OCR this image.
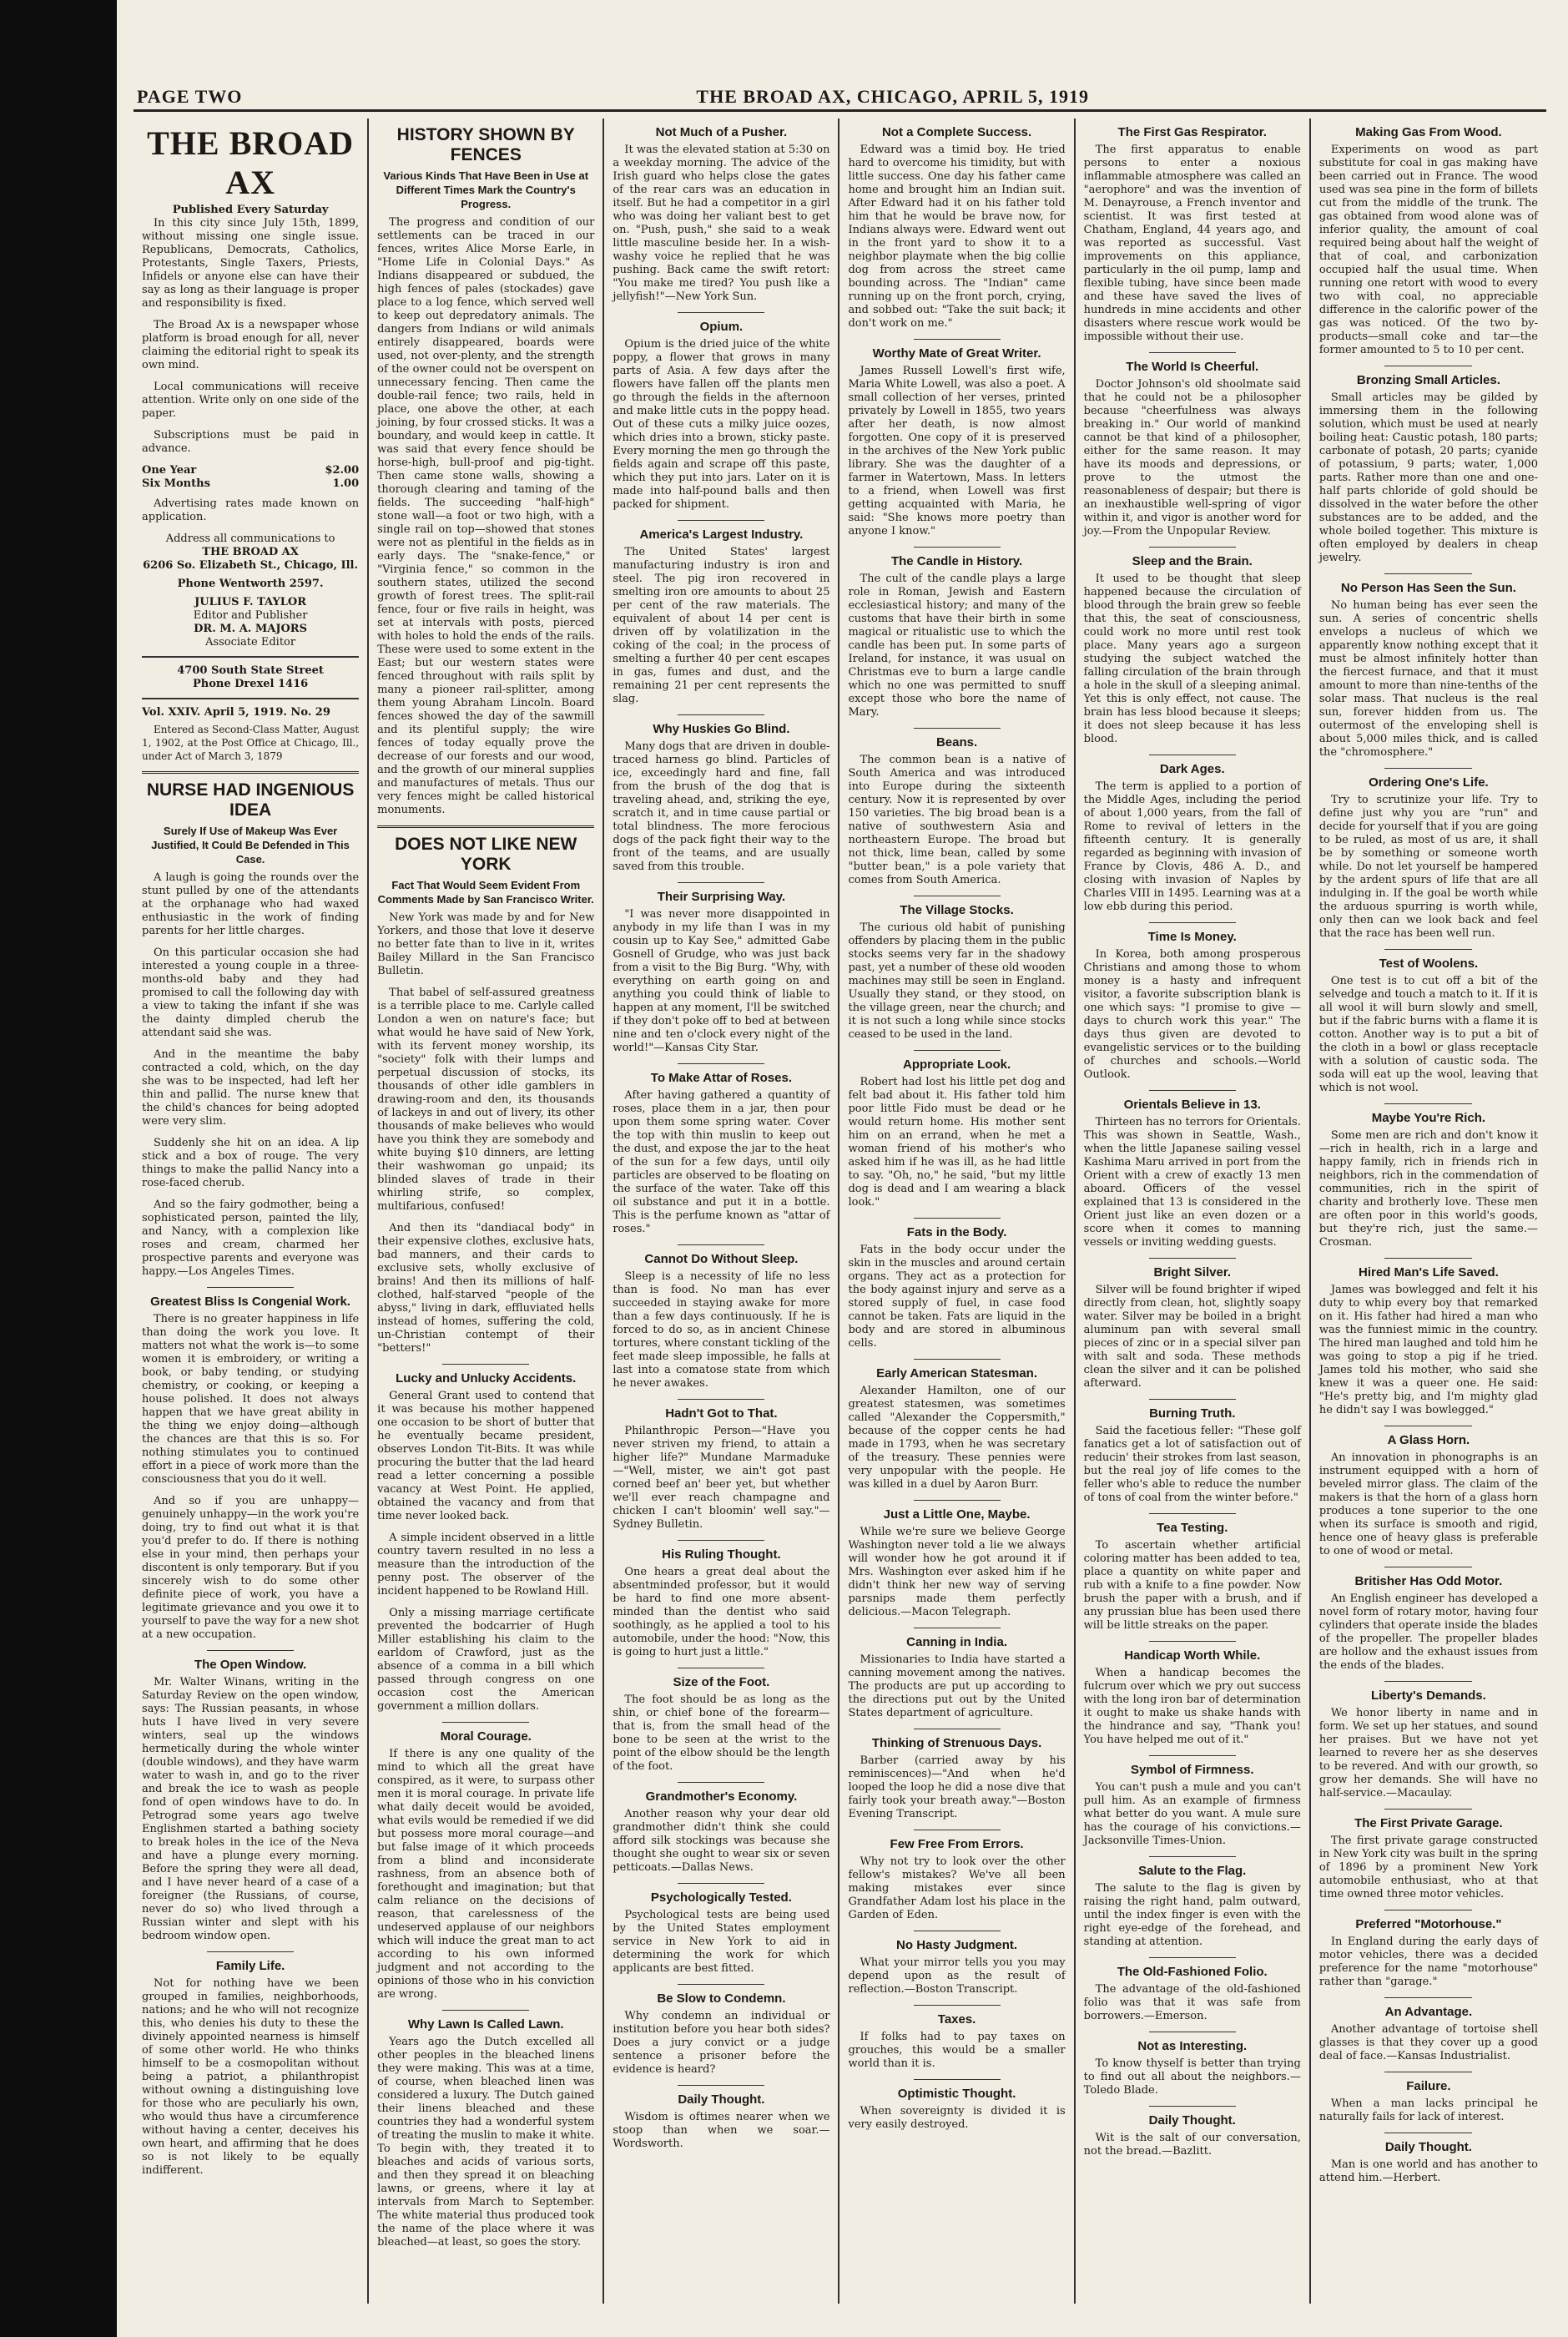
PAGE TWO	THE BROAD AX, CHICAGO, APRIL 5, 1919
THE BROAD AX
Published Every Saturday
In this city since July 15th, 1899, without missing one single issue. Republicans, Democrats, Catholics, Protestants, Single Taxers, Priests, Infidels or anyone else can have their say as long as their language is proper and responsibility is fixed.
The Broad Ax is a newspaper whose platform is broad enough for all, never claiming the editorial right to speak its own mind.
Local communications will receive attention. Write only on one side of the paper.
Subscriptions must be paid in advance.
One Year	$2.00
Six Months	1.00
Advertising rates made known on application.
Address all communications to
THE BROAD AX
6206 So. Elizabeth St., Chicago, Ill.
Phone Wentworth 2597.
JULIUS F. TAYLOR
Editor and Publisher
DR. M. A. MAJORS
Associate Editor
4700 South State Street
Phone Drexel 1416
Vol. XXIV. April 5, 1919. No. 29
Entered as Second-Class Matter, August 1, 1902, at the Post Office at Chicago, Ill., under Act of March 3, 1879
NURSE HAD INGENIOUS IDEA
Surely If Use of Makeup Was Ever Justified, It Could Be Defended in This Case.
A laugh is going the rounds over the stunt pulled by one of the attendants at the orphanage who had waxed enthusiastic in the work of finding parents for her little charges.
On this particular occasion she had interested a young couple in a three-months-old baby and they had promised to call the following day with a view to taking the infant if she was the dainty dimpled cherub the attendant said she was.
And in the meantime the baby contracted a cold, which, on the day she was to be inspected, had left her thin and pallid. The nurse knew that the child's chances for being adopted were very slim.
Suddenly she hit on an idea. A lip stick and a box of rouge. The very things to make the pallid Nancy into a rose-faced cherub.
And so the fairy godmother, being a sophisticated person, painted the lily, and Nancy, with a complexion like roses and cream, charmed her prospective parents and everyone was happy.—Los Angeles Times.
Greatest Bliss Is Congenial Work.
There is no greater happiness in life than doing the work you love. It matters not what the work is—to some women it is embroidery, or writing a book, or baby tending, or studying chemistry, or cooking, or keeping a house polished. It does not always happen that we have great ability in the thing we enjoy doing—although the chances are that this is so. For nothing stimulates you to continued effort in a piece of work more than the consciousness that you do it well.
And so if you are unhappy—genuinely unhappy—in the work you're doing, try to find out what it is that you'd prefer to do. If there is nothing else in your mind, then perhaps your discontent is only temporary. But if you sincerely wish to do some other definite piece of work, you have a legitimate grievance and you owe it to yourself to pave the way for a new shot at a new occupation.
The Open Window.
Mr. Walter Winans, writing in the Saturday Review on the open window, says: The Russian peasants, in whose huts I have lived in very severe winters, seal up the windows hermetically during the whole winter (double windows), and they have warm water to wash in, and go to the river and break the ice to wash as people fond of open windows have to do. In Petrograd some years ago twelve Englishmen started a bathing society to break holes in the ice of the Neva and have a plunge every morning. Before the spring they were all dead, and I have never heard of a case of a foreigner (the Russians, of course, never do so) who lived through a Russian winter and slept with his bedroom window open.
Family Life.
Not for nothing have we been grouped in families, neighborhoods, nations; and he who will not recognize this, who denies his duty to these the divinely appointed nearness is himself of some other world. He who thinks himself to be a cosmopolitan without being a patriot, a philanthropist without owning a distinguishing love for those who are peculiarly his own, who would thus have a circumference without having a center, deceives his own heart, and affirming that he does so is not likely to be equally indifferent.
HISTORY SHOWN BY FENCES
Various Kinds That Have Been in Use at Different Times Mark the Country's Progress.
The progress and condition of our settlements can be traced in our fences, writes Alice Morse Earle, in "Home Life in Colonial Days." As Indians disappeared or subdued, the high fences of pales (stockades) gave place to a log fence, which served well to keep out depredatory animals. The dangers from Indians or wild animals entirely disappeared, boards were used, not over-plenty, and the strength of the owner could not be overspent on unnecessary fencing. Then came the double-rail fence; two rails, held in place, one above the other, at each joining, by four crossed sticks. It was a boundary, and would keep in cattle. It was said that every fence should be horse-high, bull-proof and pig-tight. Then came stone walls, showing a thorough clearing and taming of the fields. The succeeding "half-high" stone wall—a foot or two high, with a single rail on top—showed that stones were not as plentiful in the fields as in early days. The "snake-fence," or "Virginia fence," so common in the southern states, utilized the second growth of forest trees. The split-rail fence, four or five rails in height, was set at intervals with posts, pierced with holes to hold the ends of the rails. These were used to some extent in the East; but our western states were fenced throughout with rails split by many a pioneer rail-splitter, among them young Abraham Lincoln. Board fences showed the day of the sawmill and its plentiful supply; the wire fences of today equally prove the decrease of our forests and our wood, and the growth of our mineral supplies and manufactures of metals. Thus our very fences might be called historical monuments.
DOES NOT LIKE NEW YORK
Fact That Would Seem Evident From Comments Made by San Francisco Writer.
New York was made by and for New Yorkers, and those that love it deserve no better fate than to live in it, writes Bailey Millard in the San Francisco Bulletin.
That babel of self-assured greatness is a terrible place to me. Carlyle called London a wen on nature's face; but what would he have said of New York, with its fervent money worship, its "society" folk with their lumps and perpetual discussion of stocks, its thousands of other idle gamblers in drawing-room and den, its thousands of lackeys in and out of livery, its other thousands of make believes who would have you think they are somebody and white buying $10 dinners, are letting their washwoman go unpaid; its blinded slaves of trade in their whirling strife, so complex, multifarious, confused!
And then its "dandiacal body" in their expensive clothes, exclusive hats, bad manners, and their cards to exclusive sets, wholly exclusive of brains! And then its millions of half-clothed, half-starved "people of the abyss," living in dark, effluviated hells instead of homes, suffering the cold, un-Christian contempt of their "betters!"
Lucky and Unlucky Accidents.
General Grant used to contend that it was because his mother happened one occasion to be short of butter that he eventually became president, observes London Tit-Bits. It was while procuring the butter that the lad heard read a letter concerning a possible vacancy at West Point. He applied, obtained the vacancy and from that time never looked back.
A simple incident observed in a little country tavern resulted in no less a measure than the introduction of the penny post. The observer of the incident happened to be Rowland Hill.
Only a missing marriage certificate prevented the bodcarrier of Hugh Miller establishing his claim to the earldom of Crawford, just as the absence of a comma in a bill which passed through congress on one occasion cost the American government a million dollars.
Moral Courage.
If there is any one quality of the mind to which all the great have conspired, as it were, to surpass other men it is moral courage. In private life what daily deceit would be avoided, what evils would be remedied if we did but possess more moral courage—and but false image of it which proceeds from a blind and inconsiderate rashness, from an absence both of forethought and imagination; but that calm reliance on the decisions of reason, that carelessness of the undeserved applause of our neighbors which will induce the great man to act according to his own informed judgment and not according to the opinions of those who in his conviction are wrong.
Why Lawn Is Called Lawn.
Years ago the Dutch excelled all other peoples in the bleached linens they were making. This was at a time, of course, when bleached linen was considered a luxury. The Dutch gained their linens bleached and these countries they had a wonderful system of treating the muslin to make it white. To begin with, they treated it to bleaches and acids of various sorts, and then they spread it on bleaching lawns, or greens, where it lay at intervals from March to September. The white material thus produced took the name of the place where it was bleached—at least, so goes the story.
Not Much of a Pusher.
It was the elevated station at 5:30 on a weekday morning. The advice of the Irish guard who helps close the gates of the rear cars was an education in itself. But he had a competitor in a girl who was doing her valiant best to get on. "Push, push," she said to a weak little masculine beside her. In a wish-washy voice he replied that he was pushing. Back came the swift retort: "You make me tired? You push like a jellyfish!"—New York Sun.
Opium.
Opium is the dried juice of the white poppy, a flower that grows in many parts of Asia. A few days after the flowers have fallen off the plants men go through the fields in the afternoon and make little cuts in the poppy head. Out of these cuts a milky juice oozes, which dries into a brown, sticky paste. Every morning the men go through the fields again and scrape off this paste, which they put into jars. Later on it is made into half-pound balls and then packed for shipment.
America's Largest Industry.
The United States' largest manufacturing industry is iron and steel. The pig iron recovered in smelting iron ore amounts to about 25 per cent of the raw materials. The equivalent of about 14 per cent is driven off by volatilization in the coking of the coal; in the process of smelting a further 40 per cent escapes in gas, fumes and dust, and the remaining 21 per cent represents the slag.
Why Huskies Go Blind.
Many dogs that are driven in double-traced harness go blind. Particles of ice, exceedingly hard and fine, fall from the brush of the dog that is traveling ahead, and, striking the eye, scratch it, and in time cause partial or total blindness. The more ferocious dogs of the pack fight their way to the front of the teams, and are usually saved from this trouble.
Their Surprising Way.
"I was never more disappointed in anybody in my life than I was in my cousin up to Kay See," admitted Gabe Gosnell of Grudge, who was just back from a visit to the Big Burg. "Why, with everything on earth going on and anything you could think of liable to happen at any moment, I'll be switched if they don't poke off to bed at between nine and ten o'clock every night of the world!"—Kansas City Star.
To Make Attar of Roses.
After having gathered a quantity of roses, place them in a jar, then pour upon them some spring water. Cover the top with thin muslin to keep out the dust, and expose the jar to the heat of the sun for a few days, until oily particles are observed to be floating on the surface of the water. Take off this oil substance and put it in a bottle. This is the perfume known as "attar of roses."
Cannot Do Without Sleep.
Sleep is a necessity of life no less than is food. No man has ever succeeded in staying awake for more than a few days continuously. If he is forced to do so, as in ancient Chinese tortures, where constant tickling of the feet made sleep impossible, he falls at last into a comatose state from which he never awakes.
Hadn't Got to That.
Philanthropic Person—"Have you never striven my friend, to attain a higher life?" Mundane Marmaduke—"Well, mister, we ain't got past corned beef an' beer yet, but whether we'll ever reach champagne and chicken I can't bloomin' well say."—Sydney Bulletin.
His Ruling Thought.
One hears a great deal about the absentminded professor, but it would be hard to find one more absent-minded than the dentist who said soothingly, as he applied a tool to his automobile, under the hood: "Now, this is going to hurt just a little."
Size of the Foot.
The foot should be as long as the shin, or chief bone of the forearm—that is, from the small head of the bone to be seen at the wrist to the point of the elbow should be the length of the foot.
Grandmother's Economy.
Another reason why your dear old grandmother didn't think she could afford silk stockings was because she thought she ought to wear six or seven petticoats.—Dallas News.
Psychologically Tested.
Psychological tests are being used by the United States employment service in New York to aid in determining the work for which applicants are best fitted.
Be Slow to Condemn.
Why condemn an individual or institution before you hear both sides? Does a jury convict or a judge sentence a prisoner before the evidence is heard?
Daily Thought.
Wisdom is oftimes nearer when we stoop than when we soar.—Wordsworth.
Not a Complete Success.
Edward was a timid boy. He tried hard to overcome his timidity, but with little success. One day his father came home and brought him an Indian suit. After Edward had it on his father told him that he would be brave now, for Indians always were. Edward went out in the front yard to show it to a neighbor playmate when the big collie dog from across the street came bounding across. The "Indian" came running up on the front porch, crying, and sobbed out: "Take the suit back; it don't work on me."
Worthy Mate of Great Writer.
James Russell Lowell's first wife, Maria White Lowell, was also a poet. A small collection of her verses, printed privately by Lowell in 1855, two years after her death, is now almost forgotten. One copy of it is preserved in the archives of the New York public library. She was the daughter of a farmer in Watertown, Mass. In letters to a friend, when Lowell was first getting acquainted with Maria, he said: "She knows more poetry than anyone I know."
The Candle in History.
The cult of the candle plays a large role in Roman, Jewish and Eastern ecclesiastical history; and many of the customs that have their birth in some magical or ritualistic use to which the candle has been put. In some parts of Ireland, for instance, it was usual on Christmas eve to burn a large candle which no one was permitted to snuff except those who bore the name of Mary.
Beans.
The common bean is a native of South America and was introduced into Europe during the sixteenth century. Now it is represented by over 150 varieties. The big broad bean is a native of southwestern Asia and northeastern Europe. The broad but not thick, lime bean, called by some "butter bean," is a pole variety that comes from South America.
The Village Stocks.
The curious old habit of punishing offenders by placing them in the public stocks seems very far in the shadowy past, yet a number of these old wooden machines may still be seen in England. Usually they stand, or they stood, on the village green, near the church; and it is not such a long while since stocks ceased to be used in the land.
Appropriate Look.
Robert had lost his little pet dog and felt bad about it. His father told him poor little Fido must be dead or he would return home. His mother sent him on an errand, when he met a woman friend of his mother's who asked him if he was ill, as he had little to say. "Oh, no," he said, "but my little dog is dead and I am wearing a black look."
Fats in the Body.
Fats in the body occur under the skin in the muscles and around certain organs. They act as a protection for the body against injury and serve as a stored supply of fuel, in case food cannot be taken. Fats are liquid in the body and are stored in albuminous cells.
Early American Statesman.
Alexander Hamilton, one of our greatest statesmen, was sometimes called "Alexander the Coppersmith," because of the copper cents he had made in 1793, when he was secretary of the treasury. These pennies were very unpopular with the people. He was killed in a duel by Aaron Burr.
Just a Little One, Maybe.
While we're sure we believe George Washington never told a lie we always will wonder how he got around it if Mrs. Washington ever asked him if he didn't think her new way of serving parsnips made them perfectly delicious.—Macon Telegraph.
Canning in India.
Missionaries to India have started a canning movement among the natives. The products are put up according to the directions put out by the United States department of agriculture.
Thinking of Strenuous Days.
Barber (carried away by his reminiscences)—"And when he'd looped the loop he did a nose dive that fairly took your breath away."—Boston Evening Transcript.
Few Free From Errors.
Why not try to look over the other fellow's mistakes? We've all been making mistakes ever since Grandfather Adam lost his place in the Garden of Eden.
No Hasty Judgment.
What your mirror tells you you may depend upon as the result of reflection.—Boston Transcript.
Taxes.
If folks had to pay taxes on grouches, this would be a smaller world than it is.
Optimistic Thought.
When sovereignty is divided it is very easily destroyed.
The First Gas Respirator.
The first apparatus to enable persons to enter a noxious inflammable atmosphere was called an "aerophore" and was the invention of M. Denayrouse, a French inventor and scientist. It was first tested at Chatham, England, 44 years ago, and was reported as successful. Vast improvements on this appliance, particularly in the oil pump, lamp and flexible tubing, have since been made and these have saved the lives of hundreds in mine accidents and other disasters where rescue work would be impossible without their use.
The World Is Cheerful.
Doctor Johnson's old shoolmate said that he could not be a philosopher because "cheerfulness was always breaking in." Our world of mankind cannot be that kind of a philosopher, either for the same reason. It may have its moods and depressions, or prove to the utmost the reasonableness of despair; but there is an inexhaustible well-spring of vigor within it, and vigor is another word for joy.—From the Unpopular Review.
Sleep and the Brain.
It used to be thought that sleep happened because the circulation of blood through the brain grew so feeble that this, the seat of consciousness, could work no more until rest took place. Many years ago a surgeon studying the subject watched the falling circulation of the brain through a hole in the skull of a sleeping animal. Yet this is only effect, not cause. The brain has less blood because it sleeps; it does not sleep because it has less blood.
Dark Ages.
The term is applied to a portion of the Middle Ages, including the period of about 1,000 years, from the fall of Rome to revival of letters in the fifteenth century. It is generally regarded as beginning with invasion of France by Clovis, 486 A. D., and closing with invasion of Naples by Charles VIII in 1495. Learning was at a low ebb during this period.
Time Is Money.
In Korea, both among prosperous Christians and among those to whom money is a hasty and infrequent visitor, a favorite subscription blank is one which says: "I promise to give — days to church work this year." The days thus given are devoted to evangelistic services or to the building of churches and schools.—World Outlook.
Orientals Believe in 13.
Thirteen has no terrors for Orientals. This was shown in Seattle, Wash., when the little Japanese sailing vessel Kashima Maru arrived in port from the Orient with a crew of exactly 13 men aboard. Officers of the vessel explained that 13 is considered in the Orient just like an even dozen or a score when it comes to manning vessels or inviting wedding guests.
Bright Silver.
Silver will be found brighter if wiped directly from clean, hot, slightly soapy water. Silver may be boiled in a bright aluminum pan with several small pieces of zinc or in a special silver pan with salt and soda. These methods clean the silver and it can be polished afterward.
Burning Truth.
Said the facetious feller: "These golf fanatics get a lot of satisfaction out of reducin' their strokes from last season, but the real joy of life comes to the feller who's able to reduce the number of tons of coal from the winter before."
Tea Testing.
To ascertain whether artificial coloring matter has been added to tea, place a quantity on white paper and rub with a knife to a fine powder. Now brush the paper with a brush, and if any prussian blue has been used there will be little streaks on the paper.
Handicap Worth While.
When a handicap becomes the fulcrum over which we pry out success with the long iron bar of determination it ought to make us shake hands with the hindrance and say, "Thank you! You have helped me out of it."
Symbol of Firmness.
You can't push a mule and you can't pull him. As an example of firmness what better do you want. A mule sure has the courage of his convictions.—Jacksonville Times-Union.
Salute to the Flag.
The salute to the flag is given by raising the right hand, palm outward, until the index finger is even with the right eye-edge of the forehead, and standing at attention.
The Old-Fashioned Folio.
The advantage of the old-fashioned folio was that it was safe from borrowers.—Emerson.
Not as Interesting.
To know thyself is better than trying to find out all about the neighbors.—Toledo Blade.
Daily Thought.
Wit is the salt of our conversation, not the bread.—Bazlitt.
Making Gas From Wood.
Experiments on wood as part substitute for coal in gas making have been carried out in France. The wood used was sea pine in the form of billets cut from the middle of the trunk. The gas obtained from wood alone was of inferior quality, the amount of coal required being about half the weight of that of coal, and carbonization occupied half the usual time. When running one retort with wood to every two with coal, no appreciable difference in the calorific power of the gas was noticed. Of the two by-products—small coke and tar—the former amounted to 5 to 10 per cent.
Bronzing Small Articles.
Small articles may be gilded by immersing them in the following solution, which must be used at nearly boiling heat: Caustic potash, 180 parts; carbonate of potash, 20 parts; cyanide of potassium, 9 parts; water, 1,000 parts. Rather more than one and one-half parts chloride of gold should be dissolved in the water before the other substances are to be added, and the whole boiled together. This mixture is often employed by dealers in cheap jewelry.
No Person Has Seen the Sun.
No human being has ever seen the sun. A series of concentric shells envelops a nucleus of which we apparently know nothing except that it must be almost infinitely hotter than the fiercest furnace, and that it must amount to more than nine-tenths of the solar mass. That nucleus is the real sun, forever hidden from us. The outermost of the enveloping shell is about 5,000 miles thick, and is called the "chromosphere."
Ordering One's Life.
Try to scrutinize your life. Try to define just why you are "run" and decide for yourself that if you are going to be ruled, as most of us are, it shall be by something or someone worth while. Do not let yourself be hampered by the ardent spurs of life that are all indulging in. If the goal be worth while the arduous spurring is worth while, only then can we look back and feel that the race has been well run.
Test of Woolens.
One test is to cut off a bit of the selvedge and touch a match to it. If it is all wool it will burn slowly and smell, but if the fabric burns with a flame it is cotton. Another way is to put a bit of the cloth in a bowl or glass receptacle with a solution of caustic soda. The soda will eat up the wool, leaving that which is not wool.
Maybe You're Rich.
Some men are rich and don't know it—rich in health, rich in a large and happy family, rich in friends rich in neighbors, rich in the commendation of communities, rich in the spirit of charity and brotherly love. These men are often poor in this world's goods, but they're rich, just the same.—Crosman.
Hired Man's Life Saved.
James was bowlegged and felt it his duty to whip every boy that remarked on it. His father had hired a man who was the funniest mimic in the country. The hired man laughed and told him he was going to stop a pig if he tried. James told his mother, who said she knew it was a queer one. He said: "He's pretty big, and I'm mighty glad he didn't say I was bowlegged."
A Glass Horn.
An innovation in phonographs is an instrument equipped with a horn of beveled mirror glass. The claim of the makers is that the horn of a glass horn produces a tone superior to the one when its surface is smooth and rigid, hence one of heavy glass is preferable to one of wood or metal.
Britisher Has Odd Motor.
An English engineer has developed a novel form of rotary motor, having four cylinders that operate inside the blades of the propeller. The propeller blades are hollow and the exhaust issues from the ends of the blades.
Liberty's Demands.
We honor liberty in name and in form. We set up her statues, and sound her praises. But we have not yet learned to revere her as she deserves to be revered. And with our growth, so grow her demands. She will have no half-service.—Macaulay.
The First Private Garage.
The first private garage constructed in New York city was built in the spring of 1896 by a prominent New York automobile enthusiast, who at that time owned three motor vehicles.
Preferred "Motorhouse."
In England during the early days of motor vehicles, there was a decided preference for the name "motorhouse" rather than "garage."
An Advantage.
Another advantage of tortoise shell glasses is that they cover up a good deal of face.—Kansas Industrialist.
Failure.
When a man lacks principal he naturally fails for lack of interest.
Daily Thought.
Man is one world and has another to attend him.—Herbert.
